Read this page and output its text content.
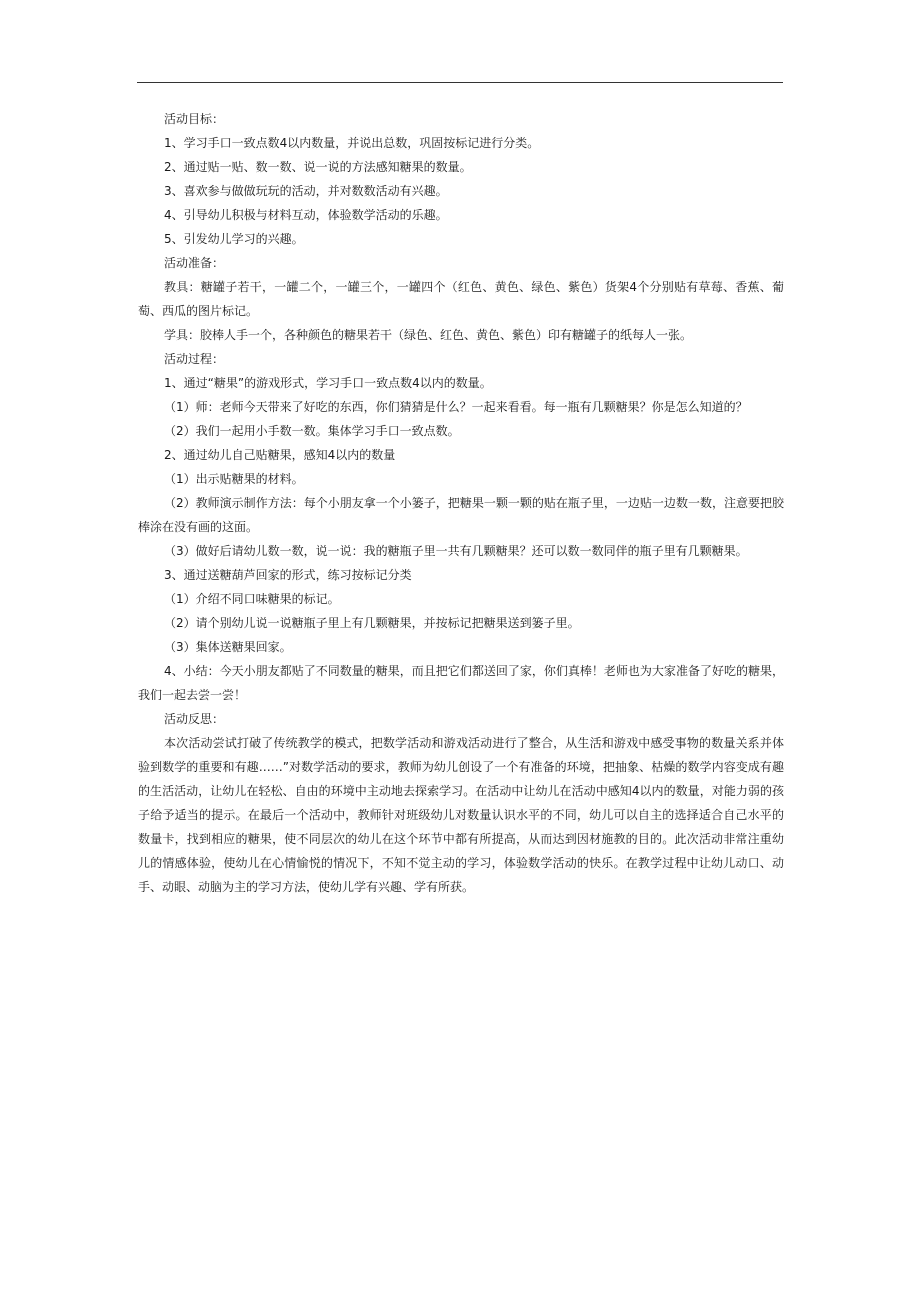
活动目标：

1、学习手口一致点数4以内数量，并说出总数，巩固按标记进行分类。

2、通过贴一贴、数一数、说一说的方法感知糖果的数量。

3、喜欢参与做做玩玩的活动，并对数数活动有兴趣。

4、引导幼儿积极与材料互动，体验数学活动的乐趣。

5、引发幼儿学习的兴趣。

活动准备：

教具：糖罐子若干，一罐二个，一罐三个，一罐四个（红色、黄色、绿色、紫色）货架4个分别贴有草莓、香蕉、葡萄、西瓜的图片标记。

学具：胶棒人手一个，各种颜色的糖果若干（绿色、红色、黄色、紫色）印有糖罐子的纸每人一张。

活动过程：

1、通过“糖果”的游戏形式，学习手口一致点数4以内的数量。

（1）师：老师今天带来了好吃的东西，你们猜猜是什么？一起来看看。每一瓶有几颗糖果？你是怎么知道的？

（2）我们一起用小手数一数。集体学习手口一致点数。

2、通过幼儿自己贴糖果，感知4以内的数量

（1）出示贴糖果的材料。

（2）教师演示制作方法：每个小朋友拿一个小篓子，把糖果一颗一颗的贴在瓶子里，一边贴一边数一数，注意要把胶棒涂在没有画的这面。

（3）做好后请幼儿数一数，说一说：我的糖瓶子里一共有几颗糖果？还可以数一数同伴的瓶子里有几颗糖果。

3、通过送糖葫芦回家的形式，练习按标记分类

（1）介绍不同口味糖果的标记。

（2）请个别幼儿说一说糖瓶子里上有几颗糖果，并按标记把糖果送到篓子里。

（3）集体送糖果回家。

4、小结：今天小朋友都贴了不同数量的糖果，而且把它们都送回了家，你们真棒！老师也为大家准备了好吃的糖果，我们一起去尝一尝！

活动反思：

本次活动尝试打破了传统教学的模式，把数学活动和游戏活动进行了整合，从生活和游戏中感受事物的数量关系并体验到数学的重要和有趣……”对数学活动的要求，教师为幼儿创设了一个有准备的环境，把抽象、枯燥的数学内容变成有趣的生活活动，让幼儿在轻松、自由的环境中主动地去探索学习。在活动中让幼儿在活动中感知4以内的数量，对能力弱的孩子给予适当的提示。在最后一个活动中，教师针对班级幼儿对数量认识水平的不同，幼儿可以自主的选择适合自己水平的数量卡，找到相应的糖果，使不同层次的幼儿在这个环节中都有所提高，从而达到因材施教的目的。此次活动非常注重幼儿的情感体验，使幼儿在心情愉悦的情况下，不知不觉主动的学习，体验数学活动的快乐。在教学过程中让幼儿动口、动手、动眼、动脑为主的学习方法，使幼儿学有兴趣、学有所获。
